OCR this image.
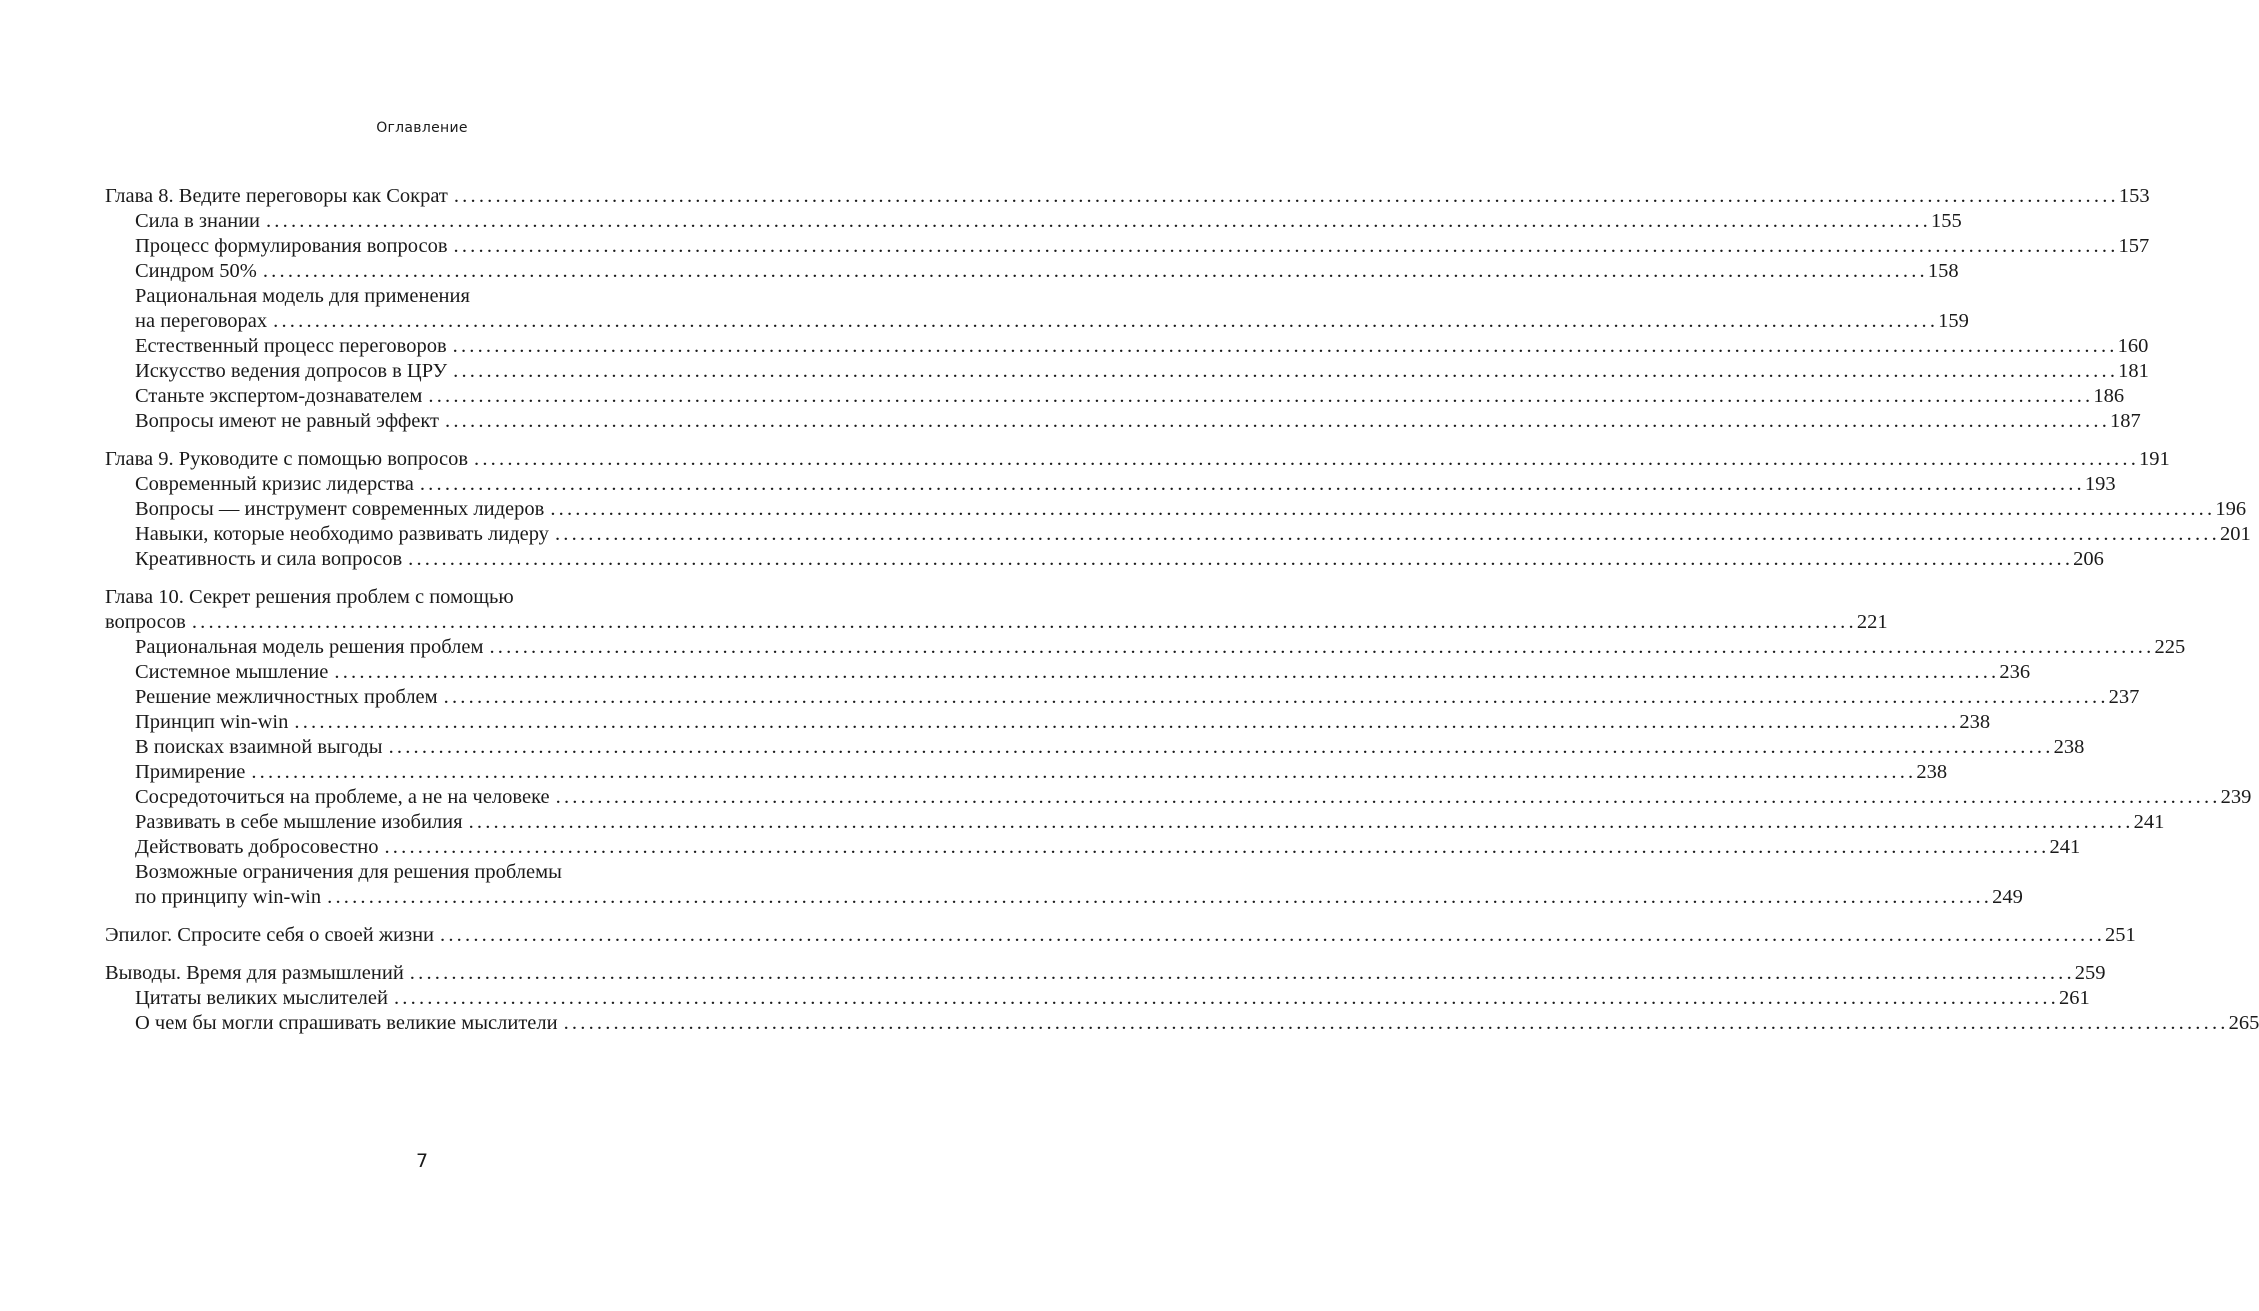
Оглавление
Глава 8. Ведите переговоры как Сократ ........................................................................................................................................................................................................ 153
Сила в знании ........................................................................................................................................................................................................ 155
Процесс формулирования вопросов ........................................................................................................................................................................................................ 157
Синдром 50% ........................................................................................................................................................................................................ 158
Рациональная модель для применения
на переговорах ........................................................................................................................................................................................................ 159
Естественный процесс переговоров ........................................................................................................................................................................................................ 160
Искусство ведения допросов в ЦРУ ........................................................................................................................................................................................................ 181
Станьте экспертом-дознавателем ........................................................................................................................................................................................................ 186
Вопросы имеют не равный эффект ........................................................................................................................................................................................................ 187
Глава 9. Руководите с помощью вопросов ........................................................................................................................................................................................................ 191
Современный кризис лидерства ........................................................................................................................................................................................................ 193
Вопросы — инструмент современных лидеров ........................................................................................................................................................................................................ 196
Навыки, которые необходимо развивать лидеру ........................................................................................................................................................................................................ 201
Креативность и сила вопросов ........................................................................................................................................................................................................ 206
Глава 10. Секрет решения проблем с помощью
вопросов ........................................................................................................................................................................................................ 221
Рациональная модель решения проблем ........................................................................................................................................................................................................ 225
Системное мышление ........................................................................................................................................................................................................ 236
Решение межличностных проблем ........................................................................................................................................................................................................ 237
Принцип win-win ........................................................................................................................................................................................................ 238
В поисках взаимной выгоды ........................................................................................................................................................................................................ 238
Примирение ........................................................................................................................................................................................................ 238
Сосредоточиться на проблеме, а не на человеке ........................................................................................................................................................................................................ 239
Развивать в себе мышление изобилия ........................................................................................................................................................................................................ 241
Действовать добросовестно ........................................................................................................................................................................................................ 241
Возможные ограничения для решения проблемы
по принципу win-win ........................................................................................................................................................................................................ 249
Эпилог. Спросите себя о своей жизни ........................................................................................................................................................................................................ 251
Выводы. Время для размышлений ........................................................................................................................................................................................................ 259
Цитаты великих мыслителей ........................................................................................................................................................................................................ 261
О чем бы могли спрашивать великие мыслители ........................................................................................................................................................................................................ 265
7
